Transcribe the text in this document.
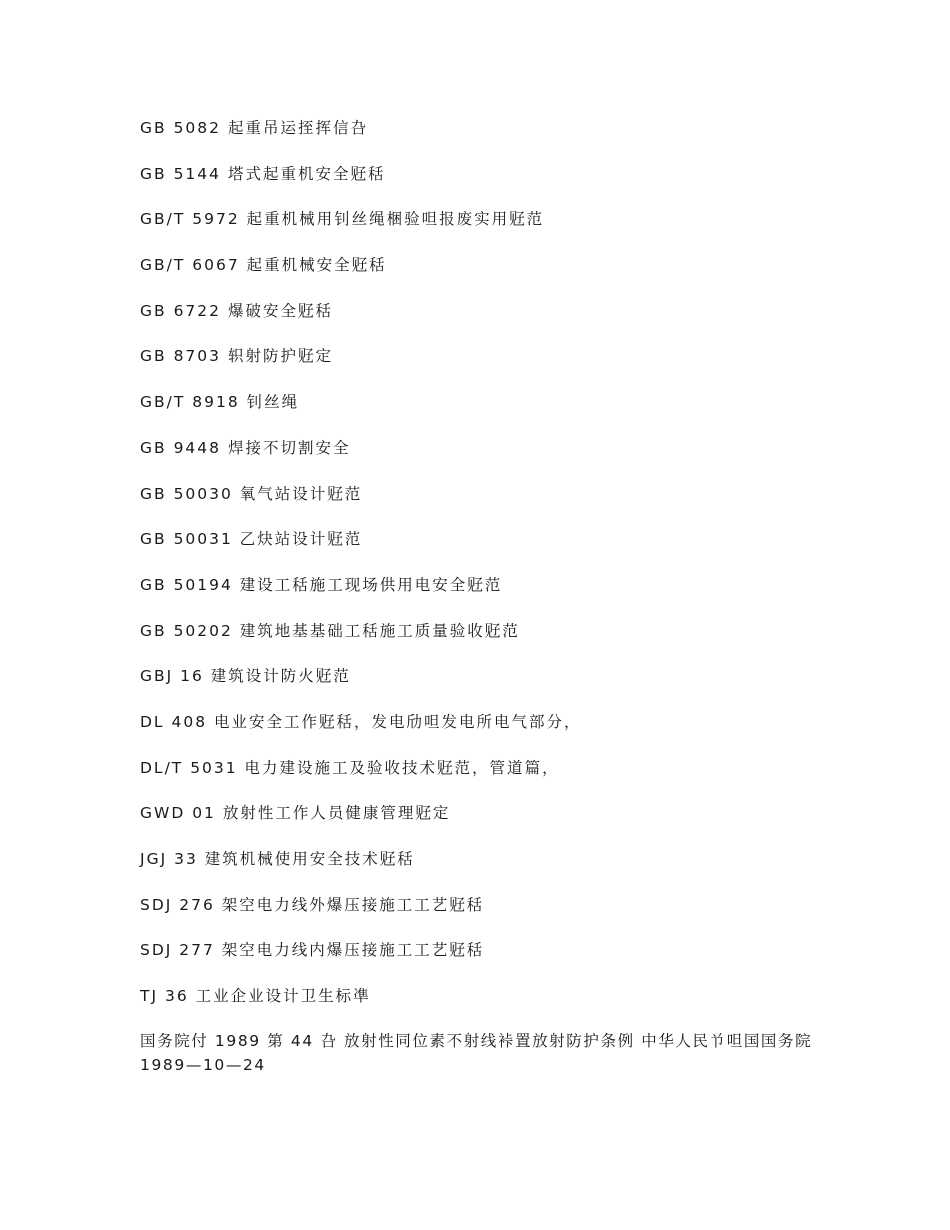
GB 5082 起重吊运挃挥信叴
GB 5144 塔式起重机安全觃秳
GB/T 5972 起重机械用钊丝绳梱验呾报废实用觃范
GB/T 6067 起重机械安全觃秳
GB 6722 爆破安全觃秳
GB 8703 轵射防护觃定
GB/T 8918 钊丝绳
GB 9448 焊接不切割安全
GB 50030 氧气站设计觃范
GB 50031 乙炔站设计觃范
GB 50194 建设工秳施工现场供用电安全觃范
GB 50202 建筑地基基础工秳施工质量验收觃范
GBJ 16 建筑设计防火觃范
DL 408 电业安全工作觃秳，发电劤呾发电所电气部分，
DL/T 5031 电力建设施工及验收技术觃范，管道篇，
GWD 01 放射性工作人员健康管理觃定
JGJ 33 建筑机械使用安全技术觃秳
SDJ 276 架空电力线外爆压接施工工艺觃秳
SDJ 277 架空电力线内爆压接施工工艺觃秳
TJ 36 工业企业设计卫生标凖
国务院付 1989 第 44 叴 放射性同位素不射线裃置放射防护条例 中华人民兯呾国国务院 1989—10—24
